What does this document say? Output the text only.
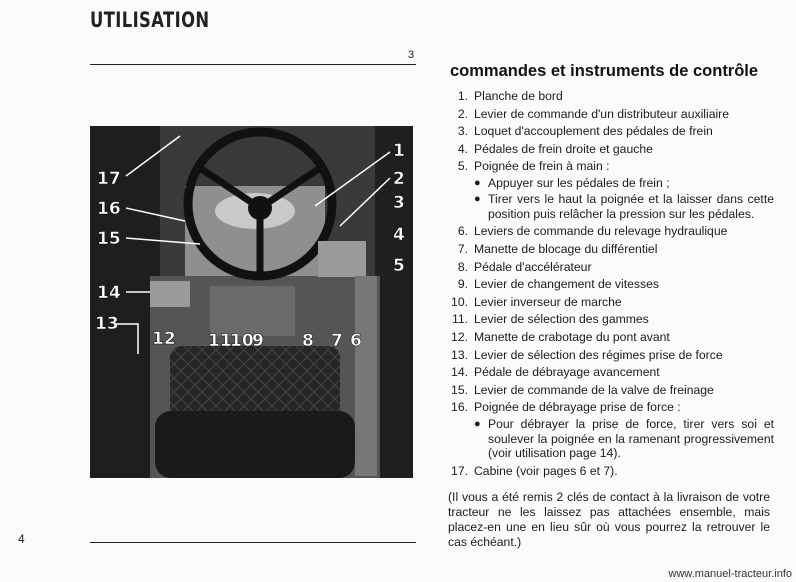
UTILISATION
3
17
16
15
14
13
12 11
10
9 8 7 6
5
4
3
2
1
commandes et instruments de contrôle
1. Planche de bord
2. Levier de commande d'un distributeur auxiliaire
3. Loquet d'accouplement des pédales de frein
4. Pédales de frein droite et gauche
5. Poignée de frein à main :
● Appuyer sur les pédales de frein ;
● Tirer vers le haut la poignée et la laisser dans cette position puis relâcher la pression sur les pédales.
6. Leviers de commande du relevage hydraulique
7. Manette de blocage du différentiel
8. Pédale d'accélérateur
9. Levier de changement de vitesses
10. Levier inverseur de marche
11. Levier de sélection des gammes
12. Manette de crabotage du pont avant
13. Levier de sélection des régimes prise de force
14. Pédale de débrayage avancement
15. Levier de commande de la valve de freinage
16. Poignée de débrayage prise de force :
● Pour débrayer la prise de force, tirer vers soi et soulever la poignée en la ramenant progressivement (voir utilisation page 14).
17. Cabine (voir pages 6 et 7).

(Il vous a été remis 2 clés de contact à la livraison de votre tracteur ne les laissez pas attachées ensemble, mais placez-en une en lieu sûr où vous pourrez la retrouver le cas échéant.)

4
www.manuel-tracteur.info
